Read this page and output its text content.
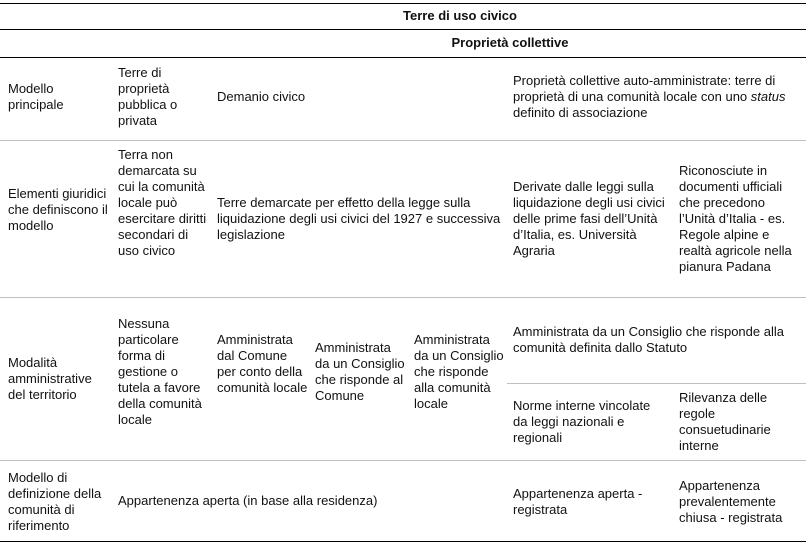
Terre di uso civico
Proprietà collettive
Modello principale
Terre di proprietà pubblica o privata
Demanio civico
Proprietà collettive auto-amministrate: terre di proprietà di una comunità locale con uno status definito di associazione
Elementi giuridici che definiscono il modello
Terra non demarcata su cui la comunità locale può esercitare diritti secondari di uso civico
Terre demarcate per effetto della legge sulla liquidazione degli usi civici del 1927 e successiva legislazione
Derivate dalle leggi sulla liquidazione degli usi civici delle prime fasi dell’Unità d’Italia, es. Università Agraria
Riconosciute in documenti ufficiali che precedono l’Unità d’Italia - es. Regole alpine e realtà agricole nella pianura Padana
Modalità amministrative del territorio
Nessuna particolare forma di gestione o tutela a favore della comunità locale
Amministrata dal Comune per conto della comunità locale
Amministrata da un Consiglio che risponde al Comune
Amministrata da un Consiglio che risponde alla comunità locale
Amministrata da un Consiglio che risponde alla comunità definita dallo Statuto
Norme interne vincolate da leggi nazionali e regionali
Rilevanza delle regole consuetudinarie interne
Modello di definizione della comunità di riferimento
Appartenenza aperta (in base alla residenza)	Appartenenza aperta - registrata
Appartenenza prevalentemente chiusa - registrata
